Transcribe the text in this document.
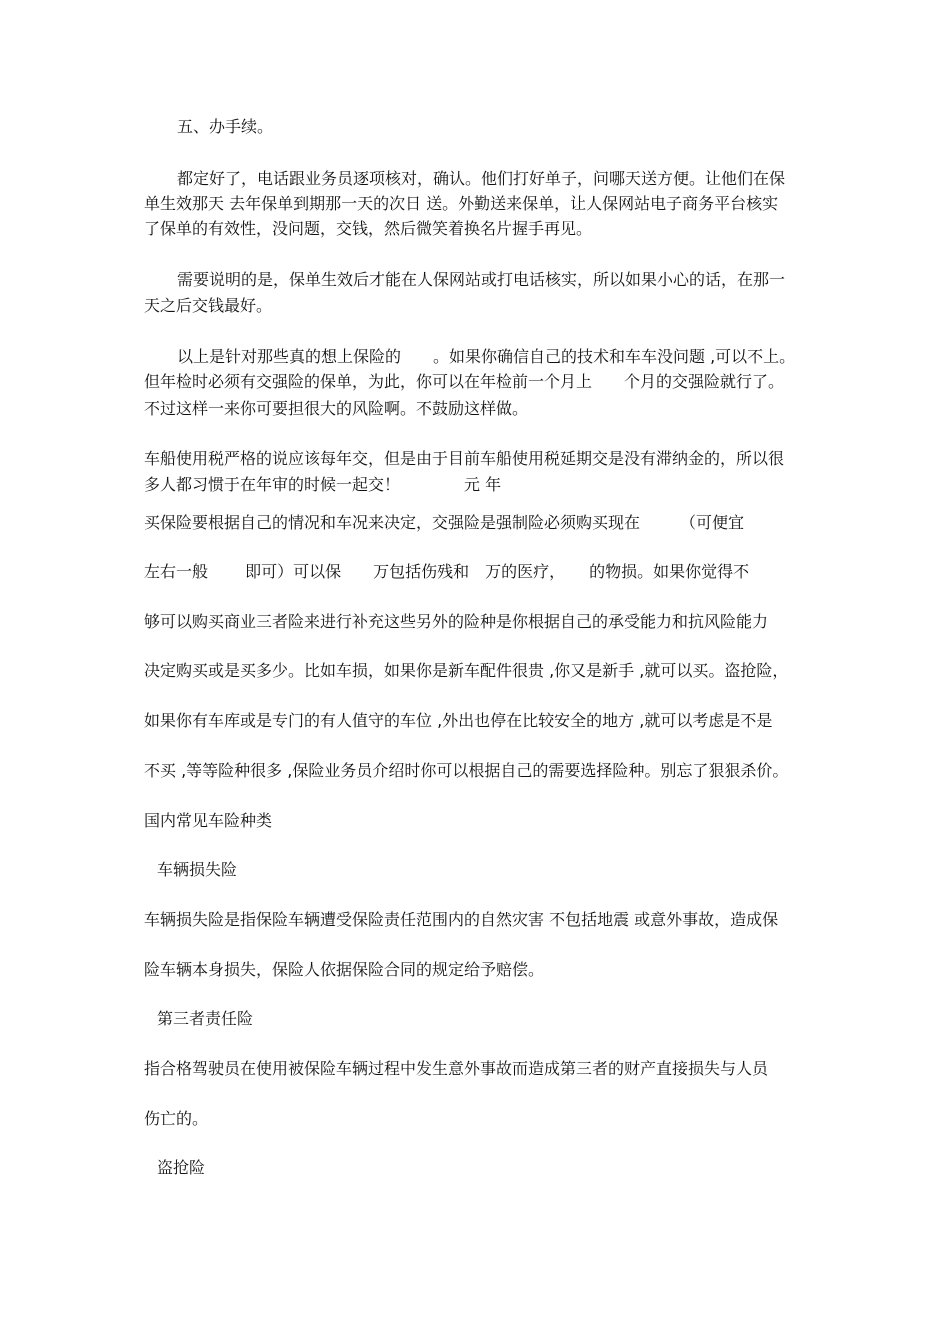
五、办手续。

都定好了，电话跟业务员逐项核对，确认。他们打好单子，问哪天送方便。让他们在保

单生效那天 去年保单到期那一天的次日 送。外勤送来保单，让人保网站电子商务平台核实

了保单的有效性，没问题，交钱，然后微笑着换名片握手再见。

需要说明的是，保单生效后才能在人保网站或打电话核实，所以如果小心的话，在那一

天之后交钱最好。

以上是针对那些真的想上保险的　　。如果你确信自己的技术和车车没问题 ,可以不上。

但年检时必须有交强险的保单，为此，你可以在年检前一个月上　　个月的交强险就行了。

不过这样一来你可要担很大的风险啊。不鼓励这样做。

车船使用税严格的说应该每年交，但是由于目前车船使用税延期交是没有滞纳金的，所以很

多人都习惯于在年审的时候一起交！　　　　元 年

买保险要根据自己的情况和车况来决定，交强险是强制险必须购买现在　　　（可便宜

左右一般　　 即可）可以保　　万包括伤残和　万的医疗，　　的物损。如果你觉得不

够可以购买商业三者险来进行补充这些另外的险种是你根据自己的承受能力和抗风险能力

决定购买或是买多少。比如车损，如果你是新车配件很贵 ,你又是新手 ,就可以买。盗抢险，

如果你有车库或是专门的有人值守的车位 ,外出也停在比较安全的地方 ,就可以考虑是不是

不买 ,等等险种很多 ,保险业务员介绍时你可以根据自己的需要选择险种。别忘了狠狠杀价。

国内常见车险种类

车辆损失险

车辆损失险是指保险车辆遭受保险责任范围内的自然灾害 不包括地震 或意外事故，造成保

险车辆本身损失，保险人依据保险合同的规定给予赔偿。

第三者责任险

指合格驾驶员在使用被保险车辆过程中发生意外事故而造成第三者的财产直接损失与人员

伤亡的。

盗抢险
